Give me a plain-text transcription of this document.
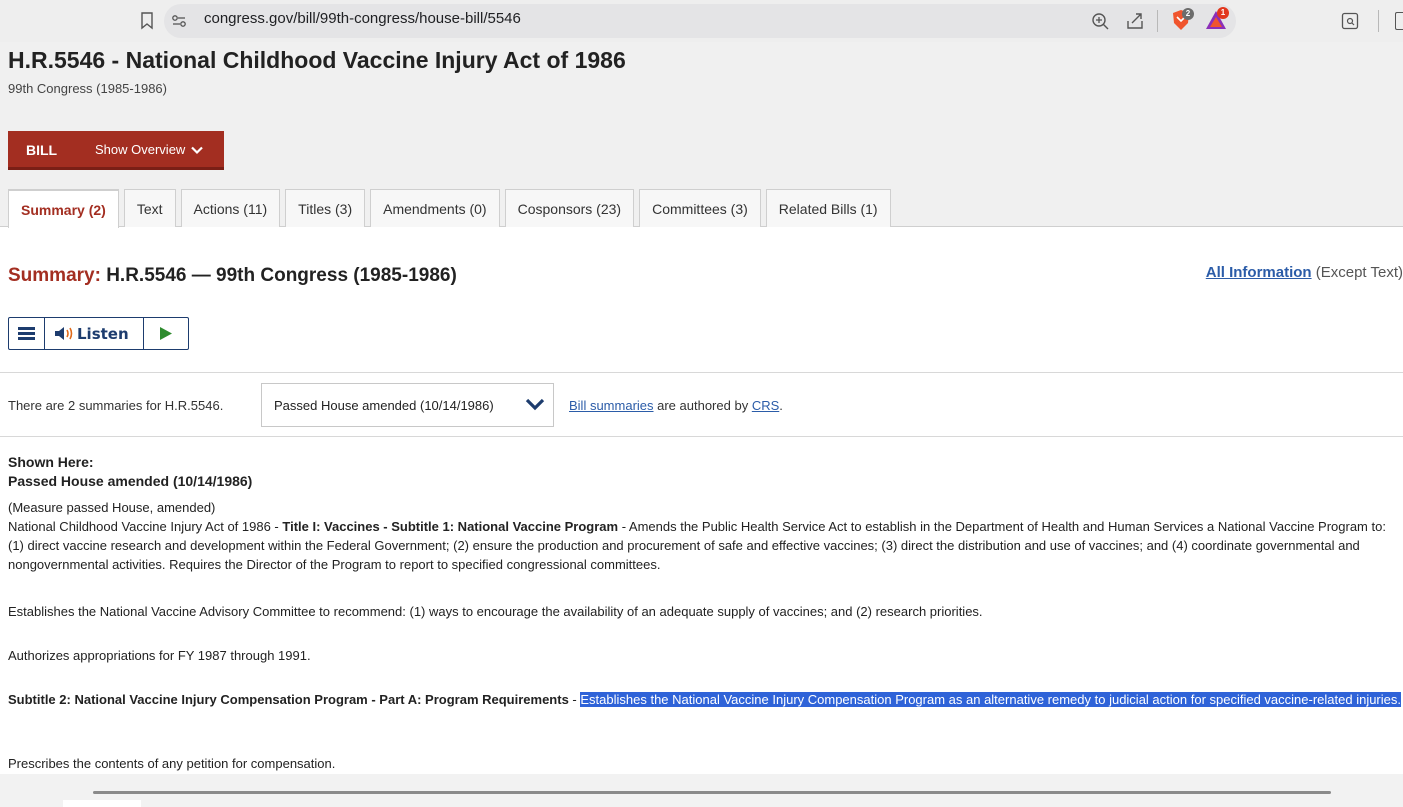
congress.gov/bill/99th-congress/house-bill/5546	2	1
H.R.5546 - National Childhood Vaccine Injury Act of 1986
99th Congress (1985-1986)
BILL	Show Overview
Summary (2)	Text	Actions (11)	Titles (3)	Amendments (0)	Cosponsors (23)	Committees (3)	Related Bills (1)
Summary: H.R.5546 — 99th Congress (1985-1986)	All Information (Except Text)
Listen
There are 2 summaries for H.R.5546.	Passed House amended (10/14/1986)	Bill summaries are authored by CRS.
Shown Here:
Passed House amended (10/14/1986)
(Measure passed House, amended)
National Childhood Vaccine Injury Act of 1986 - Title I: Vaccines - Subtitle 1: National Vaccine Program - Amends the Public Health Service Act to establish in the Department of Health and Human Services a National Vaccine Program to: (1) direct vaccine research and development within the Federal Government; (2) ensure the production and procurement of safe and effective vaccines; (3) direct the distribution and use of vaccines; and (4) coordinate governmental and nongovernmental activities. Requires the Director of the Program to report to specified congressional committees.
Establishes the National Vaccine Advisory Committee to recommend: (1) ways to encourage the availability of an adequate supply of vaccines; and (2) research priorities.
Authorizes appropriations for FY 1987 through 1991.
Subtitle 2: National Vaccine Injury Compensation Program - Part A: Program Requirements - Establishes the National Vaccine Injury Compensation Program as an alternative remedy to judicial action for specified vaccine-related injuries.
Prescribes the contents of any petition for compensation.
